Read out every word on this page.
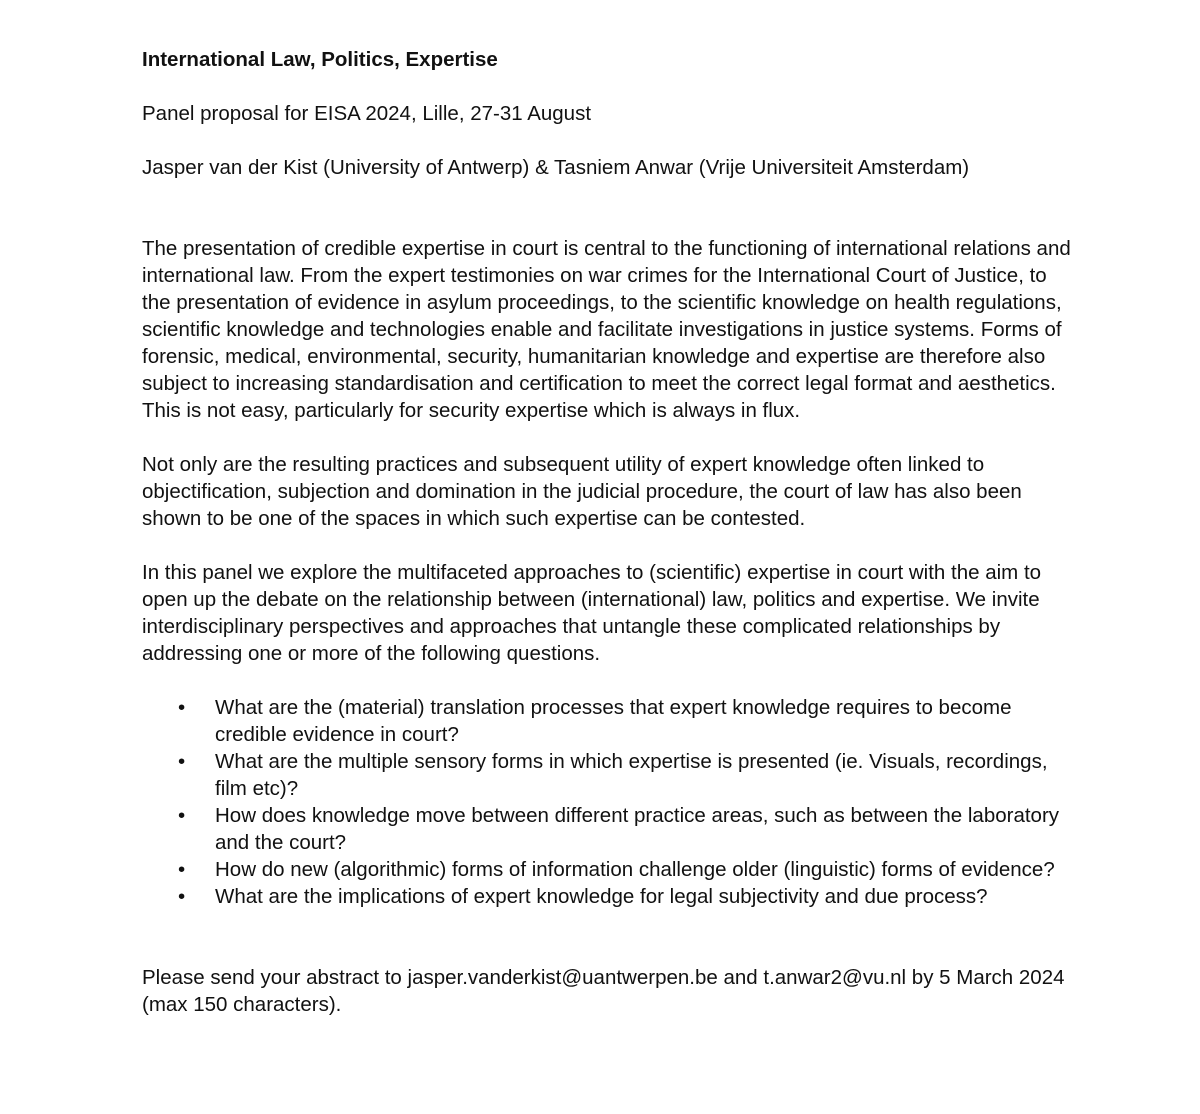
International Law, Politics, Expertise

Panel proposal for EISA 2024, Lille, 27-31 August

Jasper van der Kist (University of Antwerp) & Tasniem Anwar (Vrije Universiteit Amsterdam)

The presentation of credible expertise in court is central to the functioning of international relations and international law. From the expert testimonies on war crimes for the International Court of Justice, to the presentation of evidence in asylum proceedings, to the scientific knowledge on health regulations, scientific knowledge and technologies enable and facilitate investigations in justice systems. Forms of forensic, medical, environmental, security, humanitarian knowledge and expertise are therefore also subject to increasing standardisation and certification to meet the correct legal format and aesthetics. This is not easy, particularly for security expertise which is always in flux.

Not only are the resulting practices and subsequent utility of expert knowledge often linked to objectification, subjection and domination in the judicial procedure, the court of law has also been shown to be one of the spaces in which such expertise can be contested.

In this panel we explore the multifaceted approaches to (scientific) expertise in court with the aim to open up the debate on the relationship between (international) law, politics and expertise. We invite interdisciplinary perspectives and approaches that untangle these complicated relationships by addressing one or more of the following questions.

• What are the (material) translation processes that expert knowledge requires to become credible evidence in court?
• What are the multiple sensory forms in which expertise is presented (ie. Visuals, recordings, film etc)?
• How does knowledge move between different practice areas, such as between the laboratory and the court?
• How do new (algorithmic) forms of information challenge older (linguistic) forms of evidence?
• What are the implications of expert knowledge for legal subjectivity and due process?

Please send your abstract to jasper.vanderkist@uantwerpen.be and t.anwar2@vu.nl by 5 March 2024 (max 150 characters).
